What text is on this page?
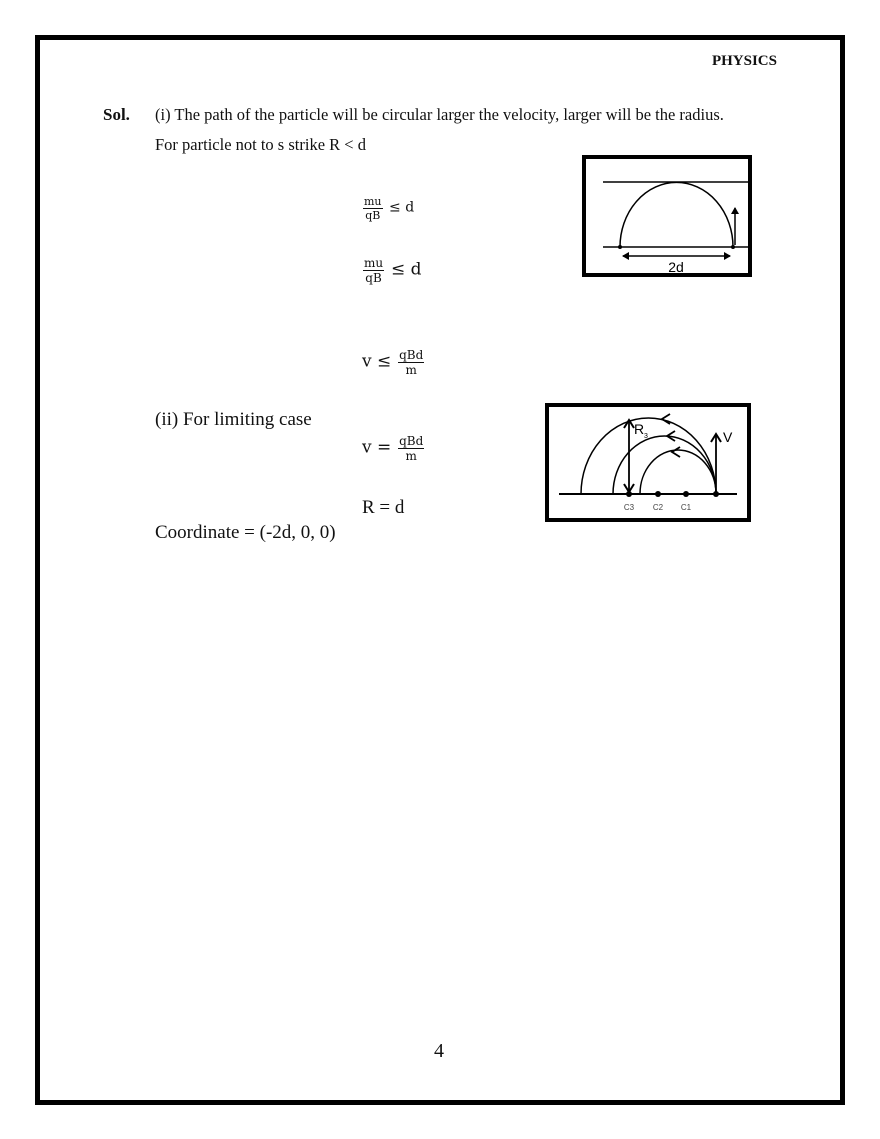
PHYSICS
Sol. (i) The path of the particle will be circular larger the velocity, larger will be the radius.
For particle not to s strike R < d
$\frac{mu}{qB} \le d$
$\frac{mu}{qB} \le d$
$v \le \frac{\text{qBd}}{m}$
(ii) For limiting case
$v = \frac{\text{qBd}}{m}$
R = d
Coordinate = (-2d, 0, 0)
2d
R 3	V
C3 C2 C1
4
